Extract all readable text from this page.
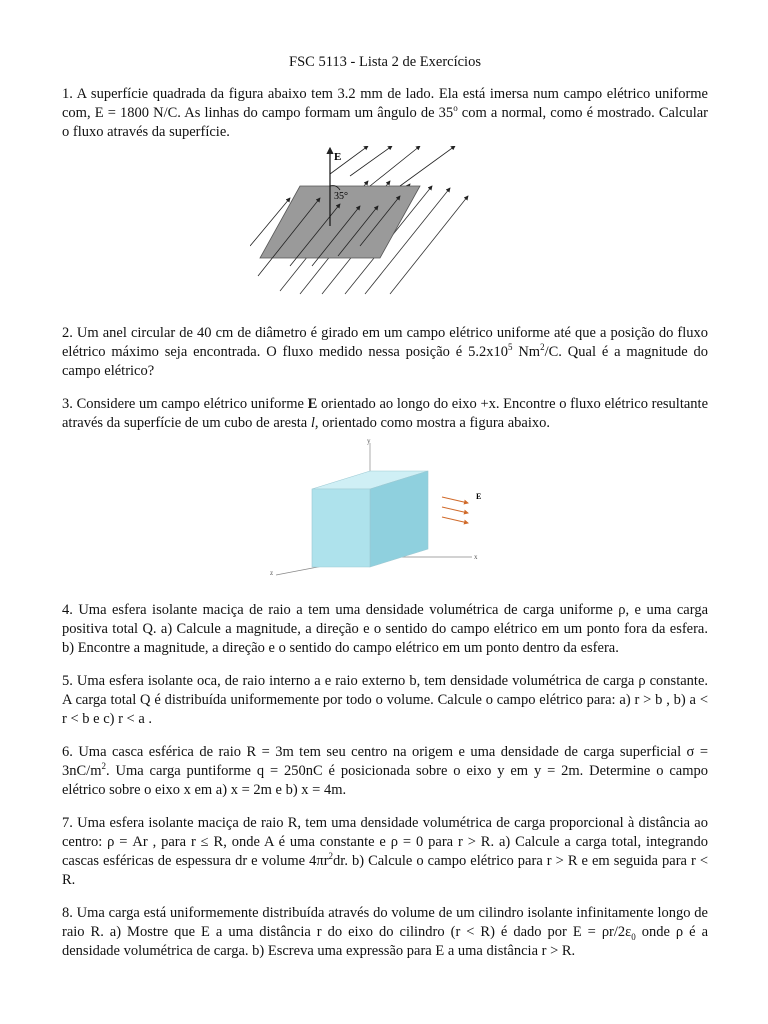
FSC 5113 - Lista 2 de Exercícios

1. A superfície quadrada da figura abaixo tem 3.2 mm de lado. Ela está imersa num campo elétrico uniforme com, E = 1800 N/C. As linhas do campo formam um ângulo de 35$^o$ com a normal, como é mostrado. Calcular o fluxo através da superfície.

E
35°

2. Um anel circular de 40 cm de diâmetro é girado em um campo elétrico uniforme até que a posição do fluxo elétrico máximo seja encontrada. O fluxo medido nessa posição é $5.2x10^5$ Nm$^2$/C. Qual é a magnitude do campo elétrico?

3. Considere um campo elétrico uniforme E orientado ao longo do eixo +x. Encontre o fluxo elétrico resultante através da superfície de um cubo de aresta l, orientado como mostra a figura abaixo.

y
x
z
E

4. Uma esfera isolante maciça de raio a tem uma densidade volumétrica de carga uniforme ρ, e uma carga positiva total Q. a) Calcule a magnitude, a direção e o sentido do campo elétrico em um ponto fora da esfera. b) Encontre a magnitude, a direção e o sentido do campo elétrico em um ponto dentro da esfera.

5. Uma esfera isolante oca, de raio interno a e raio externo b, tem densidade volumétrica de carga ρ constante. A carga total Q é distribuída uniformemente por todo o volume. Calcule o campo elétrico para: a) r > b , b) a < r < b e c) r < a .

6. Uma casca esférica de raio R = 3m tem seu centro na origem e uma densidade de carga superficial $\sigma = 3nC/m^2$. Uma carga puntiforme q = 250nC é posicionada sobre o eixo y em y = 2m. Determine o campo elétrico sobre o eixo x em a) x = 2m e b) x = 4m.

7. Uma esfera isolante maciça de raio R, tem uma densidade volumétrica de carga proporcional à distância ao centro: ρ = Ar , para r ≤ R, onde A é uma constante e ρ = 0 para r > R. a) Calcule a carga total, integrando cascas esféricas de espessura dr e volume $4\pi r^2dr$. b) Calcule o campo elétrico para r > R e em seguida para r < R.

8. Uma carga está uniformemente distribuída através do volume de um cilindro isolante infinitamente longo de raio R. a) Mostre que E a uma distância r do eixo do cilindro (r < R) é dado por $E = \rho r/2\varepsilon_0$ onde ρ é a densidade volumétrica de carga. b) Escreva uma expressão para E a uma distância r > R.
